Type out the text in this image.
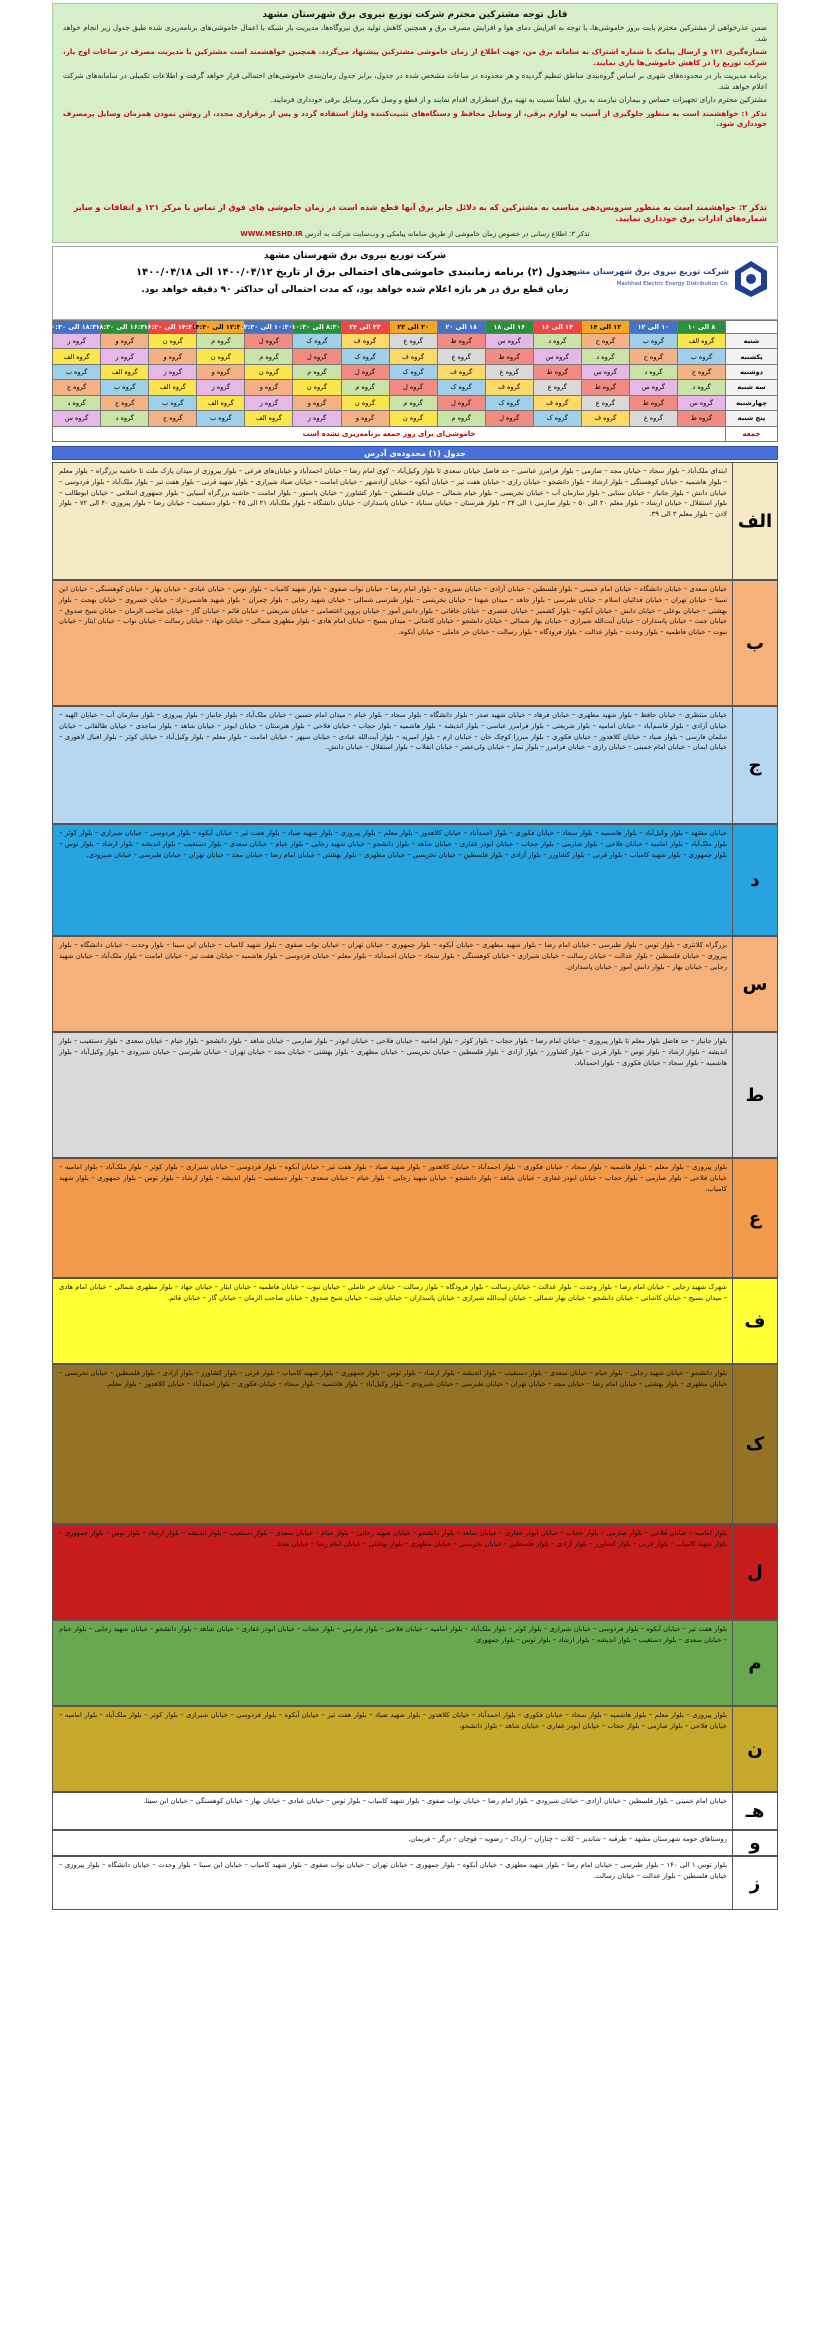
قابل توجه مشترکین محترم شرکت توزیع نیروی برق شهرستان مشهد

ضمن عذرخواهی از مشترکین محترم بابت بروز خاموشی‌ها، با توجه به افزایش دمای هوا و افزایش مصرف برق و همچنین کاهش تولید برق نیروگاه‌ها، مدیریت بار شبکه با اعمال خاموشی‌های برنامه‌ریزی شده طبق جدول زیر انجام خواهد شد.

شماره‌گیری ۱۲۱ و ارسال پیامک با شماره اشتراک به سامانه برق من، جهت اطلاع از زمان خاموشی مشترکین پیشنهاد می‌گردد. همچنین خواهشمند است مشترکین با مدیریت مصرف در ساعات اوج بار، شرکت توزیع را در کاهش خاموشی‌ها یاری نمایند.

برنامه مدیریت بار در محدوده‌های شهری بر اساس گروه‌بندی مناطق تنظیم گردیده و هر محدوده در ساعات مشخص شده در جدول، برابر جدول زمان‌بندی خاموشی‌های احتمالی قرار خواهد گرفت و اطلاعات تکمیلی در سامانه‌های شرکت اعلام خواهد شد.

مشترکین محترم دارای تجهیزات حساس و بیماران نیازمند به برق، لطفاً نسبت به تهیه برق اضطراری اقدام نمایند و از قطع و وصل مکرر وسایل برقی خودداری فرمایند.

تذکر ۱: خواهشمند است به منظور جلوگیری از آسیب به لوازم برقی، از وسایل محافظ و دستگاه‌های تثبیت‌کننده ولتاژ استفاده گردد و پس از برقراری مجدد، از روشن نمودن همزمان وسایل پرمصرف خودداری شود.

تذکر ۲: خواهشمند است به منظور سرویس‌دهی مناسب به مشترکین که به دلائل جابر برق آنها قطع شده است در زمان خاموشی های فوق از تماس با مرکز ۱۲۱ و اتفاقات و سایر شماره‌های ادارات برق خودداری نمایید.
تذکر ۳: اطلاع رسانی در خصوص زمان خاموشی از طریق سامانه پیامکی و وب‌سایت شرکت به آدرس WWW.MESHD.IR
شرکت توزیع نیروی برق شهرستان مشهد
Mashhad Electric Energy Distribution Co.
شرکت توزیع نیروی برق شهرستان مشهد
جدول (۲) برنامه زمانبندی خاموشی‌های احتمالی برق از تاریخ ۱۴۰۰/۰۴/۱۲ الی ۱۴۰۰/۰۴/۱۸
زمان قطع برق در هر بازه اعلام شده خواهد بود، که مدت احتمالی آن حداکثر ۹۰ دقیقه خواهد بود.
	۸ الی ۱۰	۱۰ الی ۱۲	۱۲ الی ۱۴	۱۴ الی ۱۶	۱۶ الی ۱۸	۱۸ الی ۲۰	۲۰ الی ۲۲	۲۲ الی ۲۴	۸:۳۰ الی ۱۰:۳۰	۱۰:۳۰ الی ۱۲:۳۰	۱۲:۳۰ الی ۱۴:۳۰	۱۴:۳۰ الی ۱۶:۳۰	۱۶:۳۰ الی ۱۸:۳۰	۱۸:۳۰ الی ۲۰:۳۰
شنبه	گروه الف	گروه ب	گروه ج	گروه د	گروه س	گروه ط	گروه ع	گروه ف	گروه ک	گروه ل	گروه م	گروه ن	گروه و	گروه ز
یکشنبه	گروه ب	گروه ج	گروه د	گروه س	گروه ط	گروه ع	گروه ف	گروه ک	گروه ل	گروه م	گروه ن	گروه و	گروه ز	گروه الف
دوشنبه	گروه ج	گروه د	گروه س	گروه ط	گروه ع	گروه ف	گروه ک	گروه ل	گروه م	گروه ن	گروه و	گروه ز	گروه الف	گروه ب
سه شنبه	گروه د	گروه س	گروه ط	گروه ع	گروه ف	گروه ک	گروه ل	گروه م	گروه ن	گروه و	گروه ز	گروه الف	گروه ب	گروه ج
چهارشنبه	گروه س	گروه ط	گروه ع	گروه ف	گروه ک	گروه ل	گروه م	گروه ن	گروه و	گروه ز	گروه الف	گروه ب	گروه ج	گروه د
پنج شنبه	گروه ط	گروه ع	گروه ف	گروه ک	گروه ل	گروه م	گروه ن	گروه و	گروه ز	گروه الف	گروه ب	گروه ج	گروه د	گروه س
جمعه	خاموشی‌ای برای روز جمعه برنامه‌ریزی نشده است													
جدول (۱) محدوده‌ی آدرس
الف
ابتدای ملک‌آباد – بلوار سجاد – خیابان مجد – صارمی – بلوار فرامرز عباسی – حد فاصل خیابان سعدی تا بلوار وکیل‌آباد – کوی امام رضا – خیابان احمدآباد و خیابان‌های فرعی – بلوار پیروزی از میدان پارک ملت تا حاشیه بزرگراه – بلوار معلم – بلوار هاشمیه – خیابان کوهسنگی – بلوار ارشاد – بلوار دانشجو – خیابان رازی – خیابان هفت تیر – خیابان آبکوه – خیابان آزادشهر – خیابان امامت – خیابان صیاد شیرازی – بلوار شهید قرنی – بلوار هفت تیر – بلوار ملک‌آباد – بلوار فردوسی – خیابان دانش – بلوار جانباز – خیابان سنایی – بلوار سازمان آب – خیابان نخریسی – بلوار خیام شمالی – خیابان فلسطین – بلوار کشاورز – خیابان پاستور – بلوار امامت – حاشیه بزرگراه آسیایی – بلوار جمهوری اسلامی – خیابان ابوطالب – بلوار استقلال – خیابان ارشاد – بلوار معلم ۲۰ الی ۵۰ – بلوار صارمی ۱ الی ۳۴ – بلوار هنرستان – خیابان سناباد – خیابان پاسداران – خیابان دانشگاه – بلوار ملک‌آباد ۲۱ الی ۴۵ – بلوار دستغیب – خیابان رضا – بلوار پیروزی ۴۰ الی ۷۲ – بلوار لادن – بلوار معلم ۳ الی ۳۹.
ب
خیابان سعدی – خیابان دانشگاه – خیابان امام خمینی – بلوار فلسطین – خیابان آزادی – خیابان شیرودی – بلوار امام رضا – خیابان نواب صفوی – بلوار شهید کامیاب – بلوار توس – خیابان عبادی – خیابان بهار – خیابان کوهسنگی – خیابان ابن سینا – خیابان تهران – خیابان فدائیان اسلام – خیابان طبرسی – بلوار جاهد – میدان شهدا – خیابان نخریسی – بلوار طبرسی شمالی – خیابان شهید رجایی – بلوار چمران – بلوار شهید هاشمی‌نژاد – خیابان خسروی – خیابان بهجت – بلوار بهشتی – خیابان بوعلی – خیابان دانش – خیابان آبکوه – بلوار کشمیر – خیابان عنصری – خیابان خاقانی – بلوار دانش آموز – خیابان پروین اعتصامی – خیابان شریعتی – خیابان قائم – خیابان گاز – خیابان صاحب الزمان – خیابان شیخ صدوق – خیابان جنت – خیابان پاسداران – خیابان آیت‌الله شیرازی – خیابان بهار شمالی – خیابان دانشجو – خیابان کاشانی – میدان بسیج – خیابان امام هادی – بلوار مطهری شمالی – خیابان جهاد – خیابان رسالت – خیابان نواب – خیابان ایثار – خیابان نبوت – خیابان فاطمیه – بلوار وحدت – بلوار عدالت – بلوار فرودگاه – بلوار رسالت – خیابان حر عاملی – خیابان آبکوه.
ج
خیابان منتظری – خیابان حافظ – بلوار شهید مطهری – خیابان فرهاد – خیابان شهید صدر – بلوار دانشگاه – بلوار سجاد – بلوار خیام – میدان امام حسین – خیابان ملک‌آباد – بلوار جانباز – بلوار پیروزی – بلوار سازمان آب – خیابان الهیه – خیابان آزادی – بلوار قاسم‌آباد – خیابان امامیه – بلوار شریعتی – بلوار فرامرز عباسی – بلوار اندیشه – بلوار هاشمیه – بلوار حجاب – خیابان فلاحی – بلوار هنرستان – خیابان ابوذر – خیابان شاهد – بلوار ساجدی – خیابان طالقانی – خیابان سلمان فارسی – بلوار صیاد – خیابان کلاهدوز – خیابان فکوری – بلوار میرزا کوچک خان – خیابان ارم – بلوار امیریه – بلوار آیت‌الله عبادی – خیابان سپهر – خیابان امامت – بلوار معلم – بلوار وکیل‌آباد – خیابان کوثر – بلوار اقبال لاهوری – خیابان ایمان – خیابان امام خمینی – خیابان رازی – خیابان فرامرز – بلوار نماز – خیابان ولی‌عصر – خیابان انقلاب – بلوار استقلال – خیابان دانش.
د
خیابان مشهد – بلوار وکیل‌آباد – بلوار هاشمیه – بلوار سجاد – خیابان فکوری – بلوار احمدآباد – خیابان کلاهدوز – بلوار معلم – بلوار پیروزی – بلوار شهید صیاد – بلوار هفت تیر – خیابان آبکوه – بلوار فردوسی – خیابان شیرازی – بلوار کوثر – بلوار ملک‌آباد – بلوار امامیه – خیابان فلاحی – بلوار صارمی – بلوار حجاب – خیابان ابوذر غفاری – خیابان شاهد – بلوار دانشجو – خیابان شهید رجایی – بلوار خیام – خیابان سعدی – بلوار دستغیب – بلوار اندیشه – بلوار ارشاد – بلوار توس – بلوار جمهوری – بلوار شهید کامیاب – بلوار قرنی – بلوار کشاورز – بلوار آزادی – بلوار فلسطین – خیابان نخریسی – خیابان مطهری – بلوار بهشتی – خیابان امام رضا – خیابان مجد – خیابان تهران – خیابان طبرسی – خیابان شیرودی.
س
بزرگراه کلانتری – بلوار توس – بلوار طبرسی – خیابان امام رضا – بلوار شهید مطهری – خیابان آبکوه – بلوار جمهوری – خیابان تهران – خیابان نواب صفوی – بلوار شهید کامیاب – خیابان ابن سینا – بلوار وحدت – خیابان دانشگاه – بلوار پیروزی – خیابان فلسطین – بلوار عدالت – خیابان رسالت – خیابان شیرازی – خیابان کوهسنگی – بلوار سجاد – خیابان احمدآباد – بلوار معلم – خیابان فردوسی – بلوار هاشمیه – خیابان هفت تیر – خیابان امامت – بلوار ملک‌آباد – خیابان شهید رجایی – خیابان بهار – بلوار دانش آموز – خیابان پاسداران.
ط
بلوار جانباز – حد فاصل بلوار معلم تا بلوار پیروزی – خیابان امام رضا – بلوار حجاب – بلوار کوثر – بلوار امامیه – خیابان فلاحی – خیابان ابوذر – بلوار صارمی – خیابان شاهد – بلوار دانشجو – بلوار خیام – خیابان سعدی – بلوار دستغیب – بلوار اندیشه – بلوار ارشاد – بلوار توس – بلوار قرنی – بلوار کشاورز – بلوار آزادی – بلوار فلسطین – خیابان نخریسی – خیابان مطهری – بلوار بهشتی – خیابان مجد – خیابان تهران – خیابان طبرسی – خیابان شیرودی – بلوار وکیل‌آباد – بلوار هاشمیه – بلوار سجاد – خیابان فکوری – بلوار احمدآباد.
ع
بلوار پیروزی – بلوار معلم – بلوار هاشمیه – بلوار سجاد – خیابان فکوری – بلوار احمدآباد – خیابان کلاهدوز – بلوار شهید صیاد – بلوار هفت تیر – خیابان آبکوه – بلوار فردوسی – خیابان شیرازی – بلوار کوثر – بلوار ملک‌آباد – بلوار امامیه – خیابان فلاحی – بلوار صارمی – بلوار حجاب – خیابان ابوذر غفاری – خیابان شاهد – بلوار دانشجو – خیابان شهید رجایی – بلوار خیام – خیابان سعدی – بلوار دستغیب – بلوار اندیشه – بلوار ارشاد – بلوار توس – بلوار جمهوری – بلوار شهید کامیاب.
ف
شهرک شهید رجایی – خیابان امام رضا – بلوار وحدت – بلوار عدالت – خیابان رسالت – بلوار فرودگاه – بلوار رسالت – خیابان حر عاملی – خیابان نبوت – خیابان فاطمیه – خیابان ایثار – خیابان جهاد – بلوار مطهری شمالی – خیابان امام هادی – میدان بسیج – خیابان کاشانی – خیابان دانشجو – خیابان بهار شمالی – خیابان آیت‌الله شیرازی – خیابان پاسداران – خیابان جنت – خیابان شیخ صدوق – خیابان صاحب الزمان – خیابان گاز – خیابان قائم.
ک
بلوار دانشجو – خیابان شهید رجایی – بلوار خیام – خیابان سعدی – بلوار دستغیب – بلوار اندیشه – بلوار ارشاد – بلوار توس – بلوار جمهوری – بلوار شهید کامیاب – بلوار قرنی – بلوار کشاورز – بلوار آزادی – بلوار فلسطین – خیابان نخریسی – خیابان مطهری – بلوار بهشتی – خیابان امام رضا – خیابان مجد – خیابان تهران – خیابان طبرسی – خیابان شیرودی – بلوار وکیل‌آباد – بلوار هاشمیه – بلوار سجاد – خیابان فکوری – بلوار احمدآباد – خیابان کلاهدوز – بلوار معلم.
ل
بلوار امامیه – خیابان فلاحی – بلوار صارمی – بلوار حجاب – خیابان ابوذر غفاری – خیابان شاهد – بلوار دانشجو – خیابان شهید رجایی – بلوار خیام – خیابان سعدی – بلوار دستغیب – بلوار اندیشه – بلوار ارشاد – بلوار توس – بلوار جمهوری – بلوار شهید کامیاب – بلوار قرنی – بلوار کشاورز – بلوار آزادی – بلوار فلسطین – خیابان نخریسی – خیابان مطهری – بلوار بهشتی – خیابان امام رضا – خیابان مجد.
م
بلوار هفت تیر – خیابان آبکوه – بلوار فردوسی – خیابان شیرازی – بلوار کوثر – بلوار ملک‌آباد – بلوار امامیه – خیابان فلاحی – بلوار صارمی – بلوار حجاب – خیابان ابوذر غفاری – خیابان شاهد – بلوار دانشجو – خیابان شهید رجایی – بلوار خیام – خیابان سعدی – بلوار دستغیب – بلوار اندیشه – بلوار ارشاد – بلوار توس – بلوار جمهوری.
ن
بلوار پیروزی – بلوار معلم – بلوار هاشمیه – بلوار سجاد – خیابان فکوری – بلوار احمدآباد – خیابان کلاهدوز – بلوار شهید صیاد – بلوار هفت تیر – خیابان آبکوه – بلوار فردوسی – خیابان شیرازی – بلوار کوثر – بلوار ملک‌آباد – بلوار امامیه – خیابان فلاحی – بلوار صارمی – بلوار حجاب – خیابان ابوذر غفاری – خیابان شاهد – بلوار دانشجو.
هـ
خیابان امام خمینی – بلوار فلسطین – خیابان آزادی – خیابان شیرودی – بلوار امام رضا – خیابان نواب صفوی – بلوار شهید کامیاب – بلوار توس – خیابان عبادی – خیابان بهار – خیابان کوهسنگی – خیابان ابن سینا.
و
روستاهای حومه شهرستان مشهد – طرقبه – شاندیز – کلات – چناران – ارداک – رضویه – قوچان – درگز – فریمان.
ز
بلوار توس ۱ الی ۱۴۰ – بلوار طبرسی – خیابان امام رضا – بلوار شهید مطهری – خیابان آبکوه – بلوار جمهوری – خیابان تهران – خیابان نواب صفوی – بلوار شهید کامیاب – خیابان ابن سینا – بلوار وحدت – خیابان دانشگاه – بلوار پیروزی – خیابان فلسطین – بلوار عدالت – خیابان رسالت.
